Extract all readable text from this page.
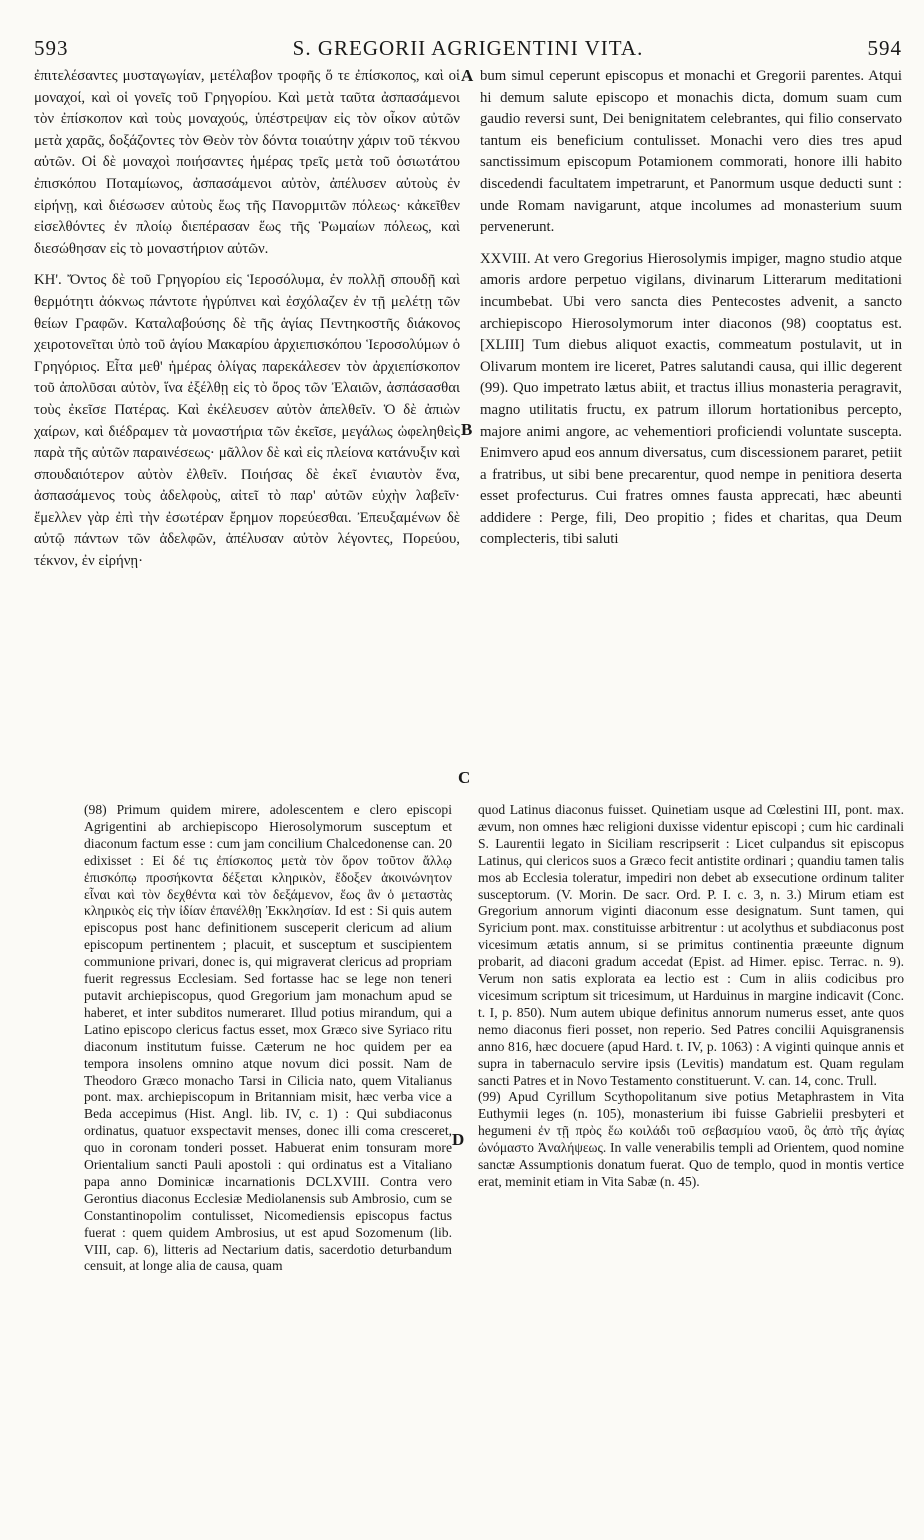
593	S. GREGORII AGRIGENTINI VITA.	594

ἐπιτελέσαντες μυσταγωγίαν, μετέλαβον τροφῆς ὅ τε ἐπίσκοπος, καὶ οἱ μοναχοί, καὶ οἱ γονεῖς τοῦ Γρηγορίου. Καὶ μετὰ ταῦτα ἀσπασάμενοι τὸν ἐπίσκοπον καὶ τοὺς μοναχούς, ὑπέστρεψαν εἰς τὸν οἶκον αὐτῶν μετὰ χαρᾶς, δοξάζοντες τὸν Θεὸν τὸν δόντα τοιαύτην χάριν τοῦ τέκνου αὐτῶν. Οἱ δὲ μοναχοὶ ποιήσαντες ἡμέρας τρεῖς μετὰ τοῦ ὁσιωτάτου ἐπισκόπου Ποταμίωνος, ἀσπασάμενοι αὐτὸν, ἀπέλυσεν αὐτοὺς ἐν εἰρήνῃ, καὶ διέσωσεν αὐτοὺς ἕως τῆς Πανορμιτῶν πόλεως· κἀκεῖθεν εἰσελθόντες ἐν πλοίῳ διεπέρασαν ἕως τῆς Ῥωμαίων πόλεως, καὶ διεσώθησαν εἰς τὸ μοναστήριον αὐτῶν.

ΚΗ'. Ὄντος δὲ τοῦ Γρηγορίου εἰς Ἱεροσόλυμα, ἐν πολλῇ σπουδῇ καὶ θερμότητι ἀόκνως πάντοτε ἠγρύπνει καὶ ἐσχόλαζεν ἐν τῇ μελέτῃ τῶν θείων Γραφῶν. Καταλαβούσης δὲ τῆς ἁγίας Πεντηκοστῆς διάκονος χειροτονεῖται ὑπὸ τοῦ ἁγίου Μακαρίου ἀρχιεπισκόπου Ἱεροσολύμων ὁ Γρηγόριος. Εἶτα μεθ' ἡμέρας ὀλίγας παρεκάλεσεν τὸν ἀρχιεπίσκοπον τοῦ ἀπολῦσαι αὐτὸν, ἵνα ἐξέλθῃ εἰς τὸ ὄρος τῶν Ἐλαιῶν, ἀσπάσασθαι τοὺς ἐκεῖσε Πατέρας. Καὶ ἐκέλευσεν αὐτὸν ἀπελθεῖν. Ὁ δὲ ἀπιὼν χαίρων, καὶ διέδραμεν τὰ μοναστήρια τῶν ἐκεῖσε, μεγάλως ὠφεληθεὶς παρὰ τῆς αὐτῶν παραινέσεως· μᾶλλον δὲ καὶ εἰς πλείονα κατάνυξιν καὶ σπουδαιότερον αὐτὸν ἐλθεῖν. Ποιήσας δὲ ἐκεῖ ἐνιαυτὸν ἕνα, ἀσπασάμενος τοὺς ἀδελφοὺς, αἰτεῖ τὸ παρ' αὐτῶν εὐχὴν λαβεῖν· ἔμελλεν γὰρ ἐπὶ τὴν ἐσωτέραν ἔρημον πορεύεσθαι. Ἐπευξαμένων δὲ αὐτῷ πάντων τῶν ἀδελφῶν, ἀπέλυσαν αὐτὸν λέγοντες, Πορεύου, τέκνον, ἐν εἰρήνῃ·

A
B
C
D

bum simul ceperunt episcopus et monachi et Gregorii parentes. Atqui hi demum salute episcopo et monachis dicta, domum suam cum gaudio reversi sunt, Dei benignitatem celebrantes, qui filio conservato tantum eis beneficium contulisset. Monachi vero dies tres apud sanctissimum episcopum Potamionem commorati, honore illi habito discedendi facultatem impetrarunt, et Panormum usque deducti sunt : unde Romam navigarunt, atque incolumes ad monasterium suum pervenerunt.

XXVIII. At vero Gregorius Hierosolymis impiger, magno studio atque amoris ardore perpetuo vigilans, divinarum Litterarum meditationi incumbebat. Ubi vero sancta dies Pentecostes advenit, a sancto archiepiscopo Hierosolymorum inter diaconos (98) cooptatus est. [XLIII] Tum diebus aliquot exactis, commeatum postulavit, ut in Olivarum montem ire liceret, Patres salutandi causa, qui illic degerent (99). Quo impetrato lætus abiit, et tractus illius monasteria peragravit, magno utilitatis fructu, ex patrum illorum hortationibus percepto, majore animi angore, ac vehementiori proficiendi voluntate suscepta. Enimvero apud eos annum diversatus, cum discessionem pararet, petiit a fratribus, ut sibi bene precarentur, quod nempe in penitiora deserta esset profecturus. Cui fratres omnes fausta apprecati, hæc abeunti addidere : Perge, fili, Deo propitio ; fides et charitas, qua Deum complecteris, tibi saluti

(98) Primum quidem mirere, adolescentem e clero episcopi Agrigentini ab archiepiscopo Hierosolymorum susceptum et diaconum factum esse : cum jam concilium Chalcedonense can. 20 edixisset : Εἰ δέ τις ἐπίσκοπος μετὰ τὸν ὅρον τοῦτον ἄλλῳ ἐπισκόπῳ προσήκοντα δέξεται κληρικὸν, ἔδοξεν ἀκοινώνητον εἶναι καὶ τὸν δεχθέντα καὶ τὸν δεξάμενον, ἕως ἂν ὁ μεταστὰς κληρικὸς εἰς τὴν ἰδίαν ἐπανέλθῃ Ἐκκλησίαν. Id est : Si quis autem episcopus post hanc definitionem susceperit clericum ad alium episcopum pertinentem ; placuit, et susceptum et suscipientem communione privari, donec is, qui migraverat clericus ad propriam fuerit regressus Ecclesiam. Sed fortasse hac se lege non teneri putavit archiepiscopus, quod Gregorium jam monachum apud se haberet, et inter subditos numeraret. Illud potius mirandum, qui a Latino episcopo clericus factus esset, mox Græco sive Syriaco ritu diaconum institutum fuisse. Cæterum ne hoc quidem per ea tempora insolens omnino atque novum dici possit. Nam de Theodoro Græco monacho Tarsi in Cilicia nato, quem Vitalianus pont. max. archiepiscopum in Britanniam misit, hæc verba vice a Beda accepimus (Hist. Angl. lib. IV, c. 1) : Qui subdiaconus ordinatus, quatuor exspectavit menses, donec illi coma cresceret, quo in coronam tonderi posset. Habuerat enim tonsuram more Orientalium sancti Pauli apostoli : qui ordinatus est a Vitaliano papa anno Dominicæ incarnationis DCLXVIII. Contra vero Gerontius diaconus Ecclesiæ Mediolanensis sub Ambrosio, cum se Constantinopolim contulisset, Nicomediensis episcopus factus fuerat : quem quidem Ambrosius, ut est apud Sozomenum (lib. VIII, cap. 6), litteris ad Nectarium datis, sacerdotio deturbandum censuit, at longe alia de causa, quam

quod Latinus diaconus fuisset. Quinetiam usque ad Cœlestini III, pont. max. ævum, non omnes hæc religioni duxisse videntur episcopi ; cum hic cardinali S. Laurentii legato in Siciliam rescripserit : Licet culpandus sit episcopus Latinus, qui clericos suos a Græco fecit antistite ordinari ; quandiu tamen talis mos ab Ecclesia toleratur, impediri non debet ab exsecutione ordinum taliter susceptorum. (V. Morin. De sacr. Ord. P. I. c. 3, n. 3.) Mirum etiam est Gregorium annorum viginti diaconum esse designatum. Sunt tamen, qui Syricium pont. max. constituisse arbitrentur : ut acolythus et subdiaconus post vicesimum ætatis annum, si se primitus continentia præeunte dignum probarit, ad diaconi gradum accedat (Epist. ad Himer. episc. Terrac. n. 9). Verum non satis explorata ea lectio est : Cum in aliis codicibus pro vicesimum scriptum sit tricesimum, ut Harduinus in margine indicavit (Conc. t. I, p. 850). Num autem ubique definitus annorum numerus esset, ante quos nemo diaconus fieri posset, non reperio. Sed Patres concilii Aquisgranensis anno 816, hæc docuere (apud Hard. t. IV, p. 1063) : A viginti quinque annis et supra in tabernaculo servire ipsis (Levitis) mandatum est. Quam regulam sancti Patres et in Novo Testamento constituerunt. V. can. 14, conc. Trull.

(99) Apud Cyrillum Scythopolitanum sive potius Metaphrastem in Vita Euthymii leges (n. 105), monasterium ibi fuisse Gabrielii presbyteri et hegumeni ἐν τῇ πρὸς ἕω κοιλάδι τοῦ σεβασμίου ναοῦ, ὃς ἀπὸ τῆς ἁγίας ὠνόμαστο Ἀναλήψεως. In valle venerabilis templi ad Orientem, quod nomine sanctæ Assumptionis donatum fuerat. Quo de templo, quod in montis vertice erat, meminit etiam in Vita Sabæ (n. 45).
